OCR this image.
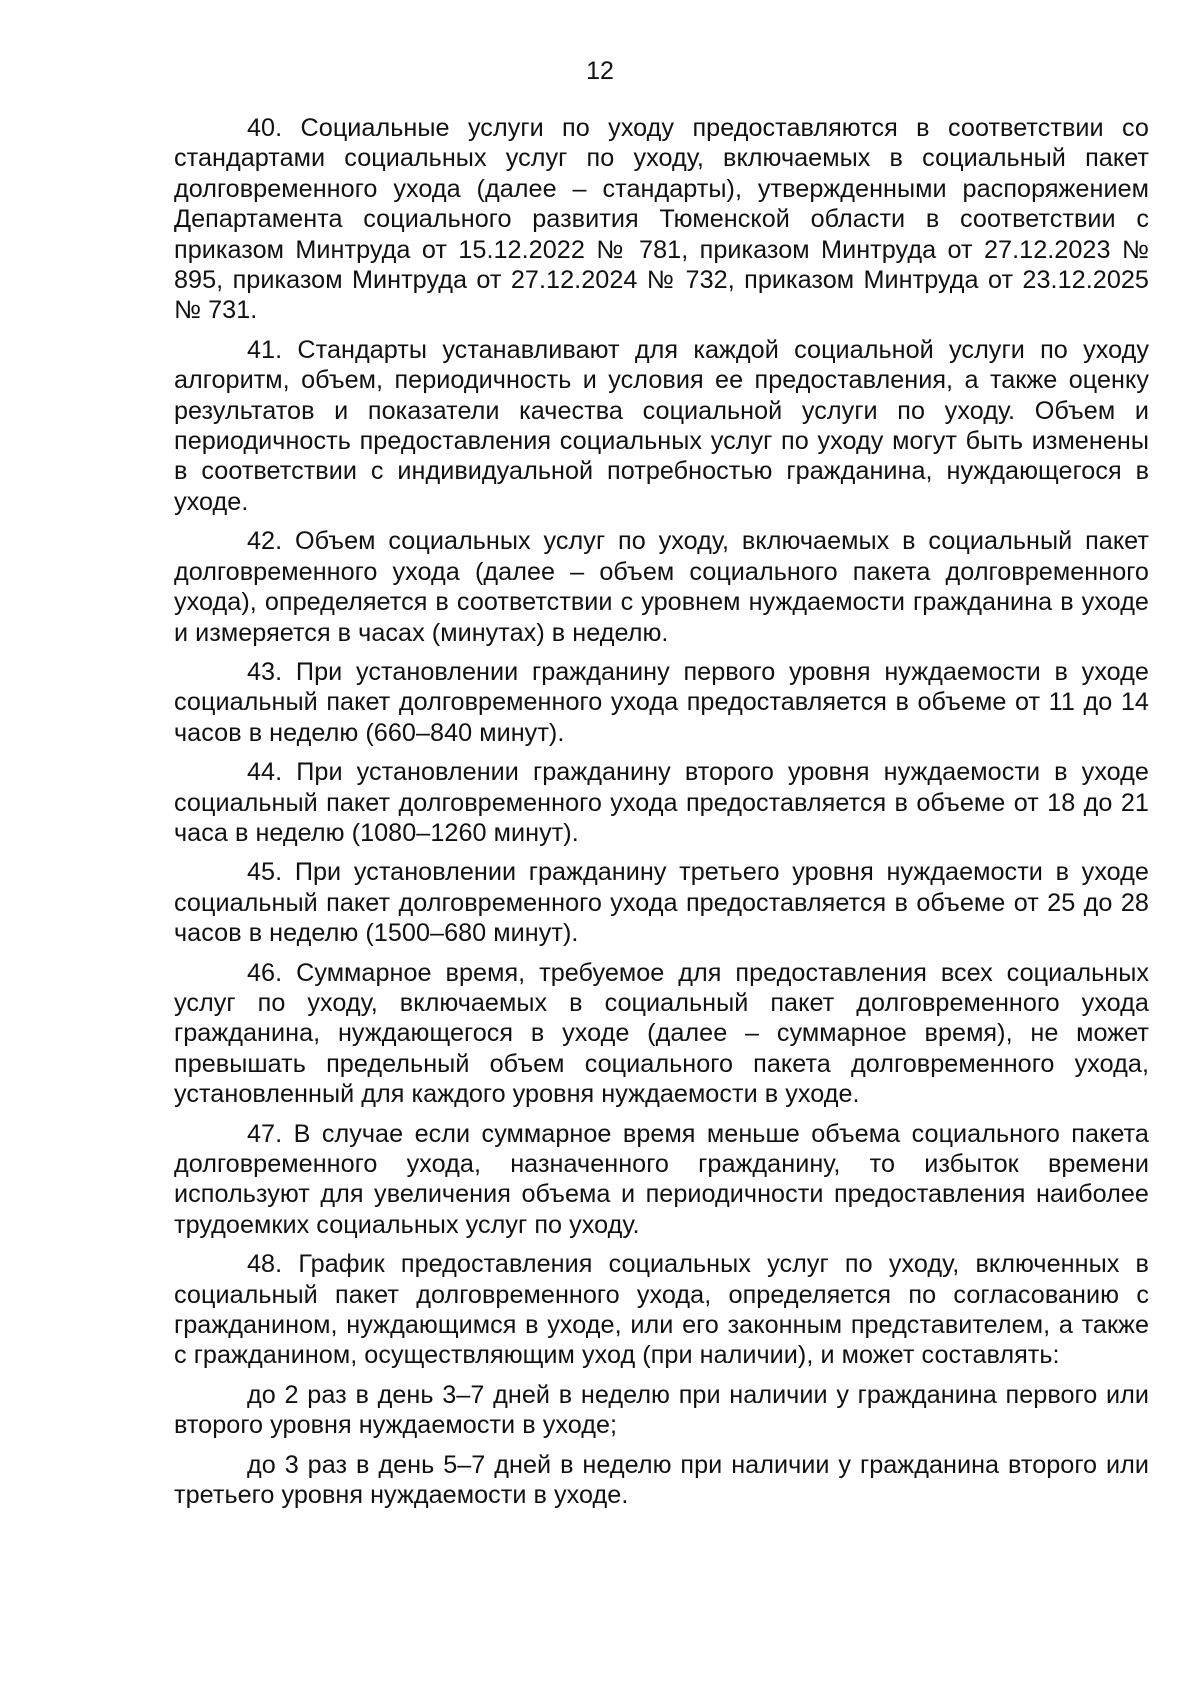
12

40. Социальные услуги по уходу предоставляются в соответствии со стандартами социальных услуг по уходу, включаемых в социальный пакет долговременного ухода (далее – стандарты), утвержденными распоряжением Департамента социального развития Тюменской области в соответствии с приказом Минтруда от 15.12.2022 № 781, приказом Минтруда от 27.12.2023 № 895, приказом Минтруда от 27.12.2024 № 732, приказом Минтруда от 23.12.2025 № 731.

41. Стандарты устанавливают для каждой социальной услуги по уходу алгоритм, объем, периодичность и условия ее предоставления, а также оценку результатов и показатели качества социальной услуги по уходу. Объем и периодичность предоставления социальных услуг по уходу могут быть изменены в соответствии с индивидуальной потребностью гражданина, нуждающегося в уходе.

42. Объем социальных услуг по уходу, включаемых в социальный пакет долговременного ухода (далее – объем социального пакета долговременного ухода), определяется в соответствии с уровнем нуждаемости гражданина в уходе и измеряется в часах (минутах) в неделю.

43. При установлении гражданину первого уровня нуждаемости в уходе социальный пакет долговременного ухода предоставляется в объеме от 11 до 14 часов в неделю (660–840 минут).

44. При установлении гражданину второго уровня нуждаемости в уходе социальный пакет долговременного ухода предоставляется в объеме от 18 до 21 часа в неделю (1080–1260 минут).

45. При установлении гражданину третьего уровня нуждаемости в уходе социальный пакет долговременного ухода предоставляется в объеме от 25 до 28 часов в неделю (1500–680 минут).

46. Суммарное время, требуемое для предоставления всех социальных услуг по уходу, включаемых в социальный пакет долговременного ухода гражданина, нуждающегося в уходе (далее – суммарное время), не может превышать предельный объем социального пакета долговременного ухода, установленный для каждого уровня нуждаемости в уходе.

47. В случае если суммарное время меньше объема социального пакета долговременного ухода, назначенного гражданину, то избыток времени используют для увеличения объема и периодичности предоставления наиболее трудоемких социальных услуг по уходу.

48. График предоставления социальных услуг по уходу, включенных в социальный пакет долговременного ухода, определяется по согласованию с гражданином, нуждающимся в уходе, или его законным представителем, а также с гражданином, осуществляющим уход (при наличии), и может составлять:

до 2 раз в день 3–7 дней в неделю при наличии у гражданина первого или второго уровня нуждаемости в уходе;

до 3 раз в день 5–7 дней в неделю при наличии у гражданина второго или третьего уровня нуждаемости в уходе.
